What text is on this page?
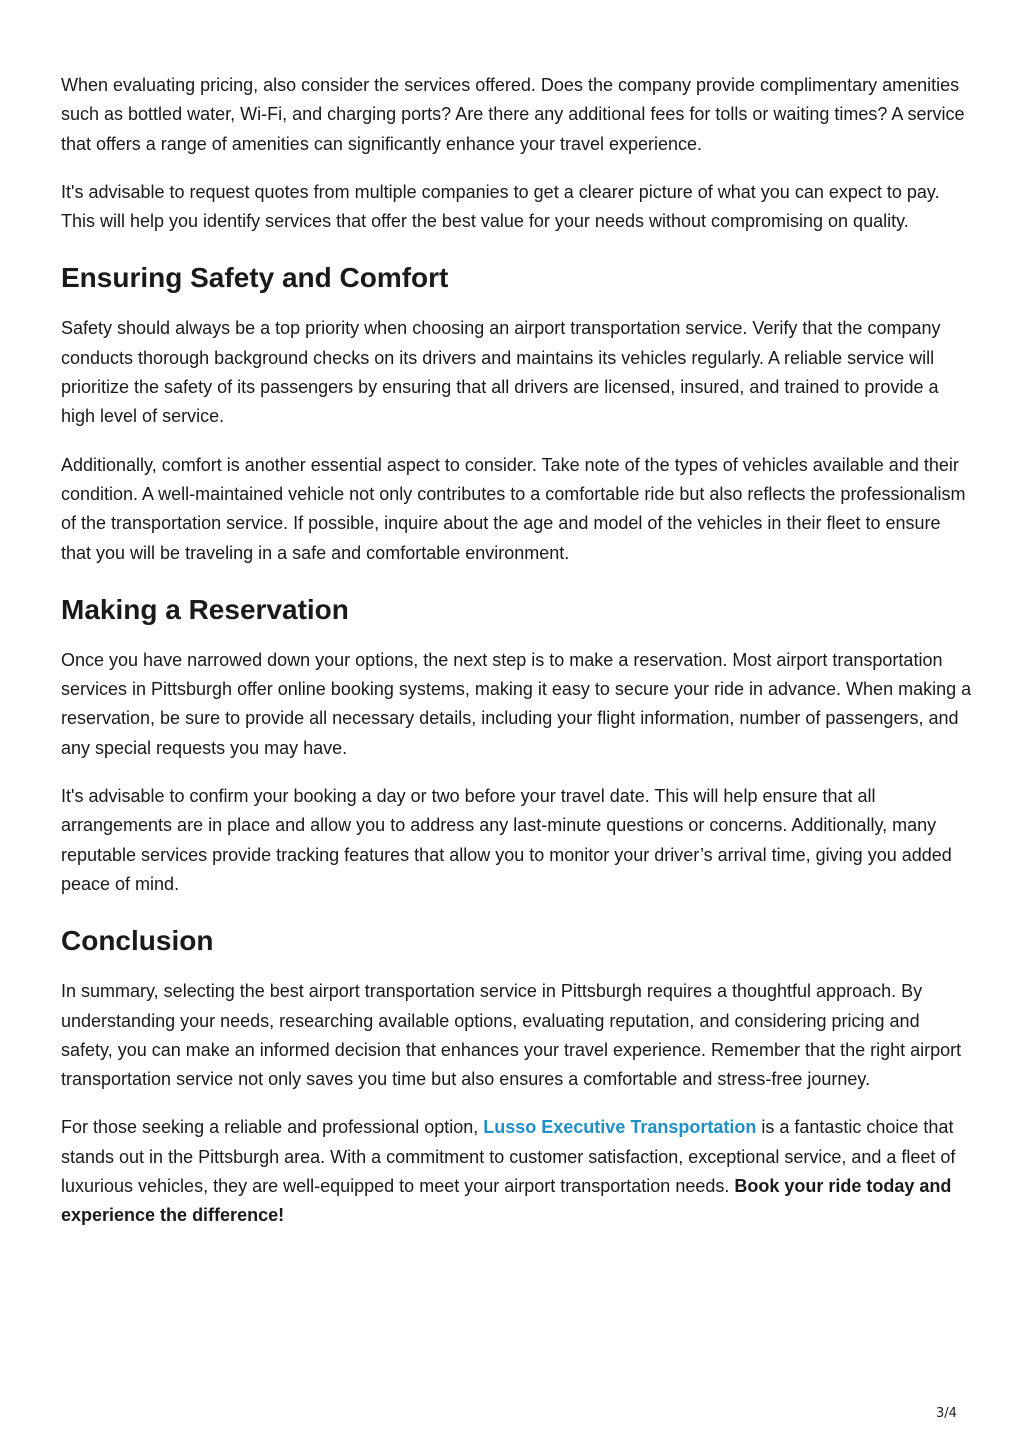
When evaluating pricing, also consider the services offered. Does the company provide complimentary amenities such as bottled water, Wi-Fi, and charging ports? Are there any additional fees for tolls or waiting times? A service that offers a range of amenities can significantly enhance your travel experience.

It's advisable to request quotes from multiple companies to get a clearer picture of what you can expect to pay. This will help you identify services that offer the best value for your needs without compromising on quality.

Ensuring Safety and Comfort

Safety should always be a top priority when choosing an airport transportation service. Verify that the company conducts thorough background checks on its drivers and maintains its vehicles regularly. A reliable service will prioritize the safety of its passengers by ensuring that all drivers are licensed, insured, and trained to provide a high level of service.

Additionally, comfort is another essential aspect to consider. Take note of the types of vehicles available and their condition. A well-maintained vehicle not only contributes to a comfortable ride but also reflects the professionalism of the transportation service. If possible, inquire about the age and model of the vehicles in their fleet to ensure that you will be traveling in a safe and comfortable environment.

Making a Reservation

Once you have narrowed down your options, the next step is to make a reservation. Most airport transportation services in Pittsburgh offer online booking systems, making it easy to secure your ride in advance. When making a reservation, be sure to provide all necessary details, including your flight information, number of passengers, and any special requests you may have.

It's advisable to confirm your booking a day or two before your travel date. This will help ensure that all arrangements are in place and allow you to address any last-minute questions or concerns. Additionally, many reputable services provide tracking features that allow you to monitor your driver’s arrival time, giving you added peace of mind.

Conclusion

In summary, selecting the best airport transportation service in Pittsburgh requires a thoughtful approach. By understanding your needs, researching available options, evaluating reputation, and considering pricing and safety, you can make an informed decision that enhances your travel experience. Remember that the right airport transportation service not only saves you time but also ensures a comfortable and stress-free journey.

For those seeking a reliable and professional option, Lusso Executive Transportation is a fantastic choice that stands out in the Pittsburgh area. With a commitment to customer satisfaction, exceptional service, and a fleet of luxurious vehicles, they are well-equipped to meet your airport transportation needs. Book your ride today and experience the difference!

3/4
